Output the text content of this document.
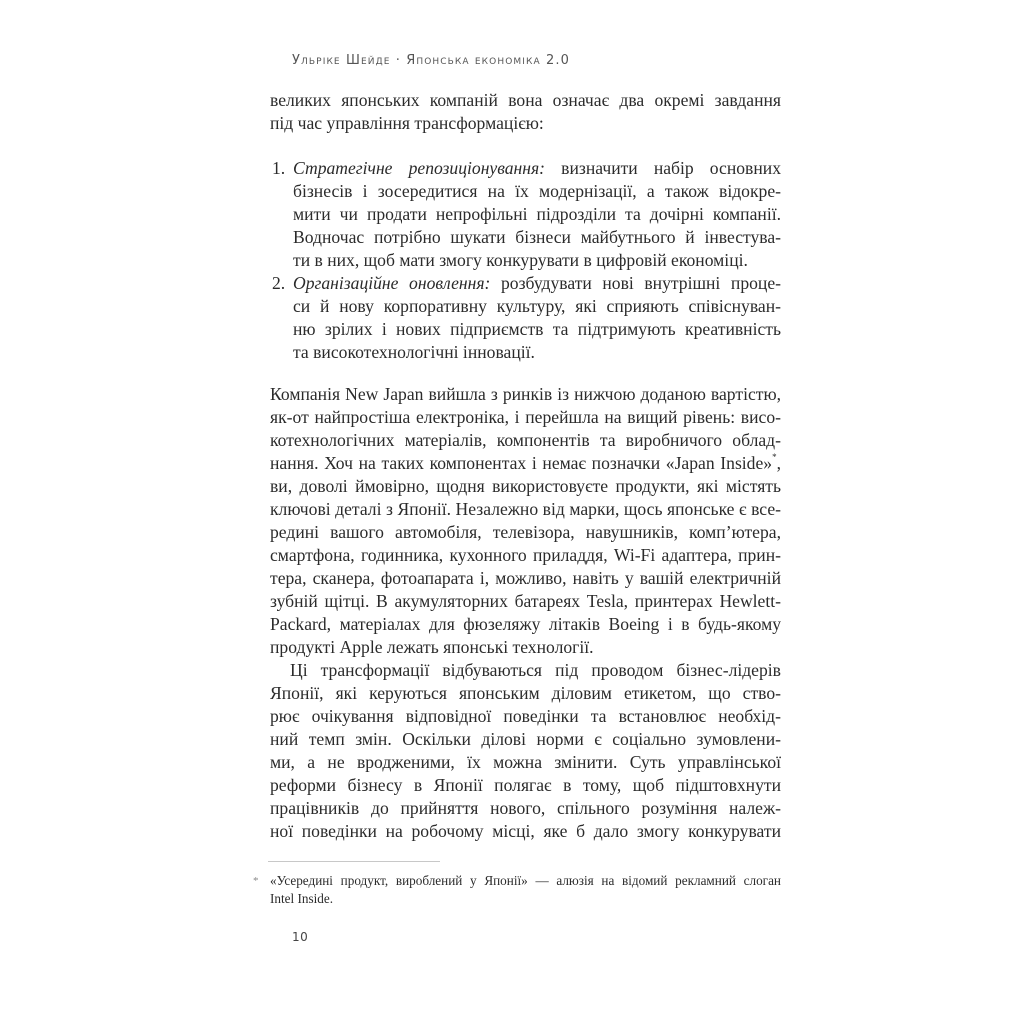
Ульріке Шейде · Японська економіка 2.0
великих японських компаній вона означає два окремі завдання
під час управління трансформацією:
1. Стратегічне репозиціонування: визначити набір основних
бізнесів і зосередитися на їх модернізації, а також відокре-
мити чи продати непрофільні підрозділи та дочірні компанії.
Водночас потрібно шукати бізнеси майбутнього й інвестува-
ти в них, щоб мати змогу конкурувати в цифровій економіці.
2. Організаційне оновлення: розбудувати нові внутрішні проце-
си й нову корпоративну культуру, які сприяють співіснуван-
ню зрілих і нових підприємств та підтримують креативність
та високотехнологічні інновації.
Компанія New Japan вийшла з ринків із нижчою доданою вартістю,
як-от найпростіша електроніка, і перейшла на вищий рівень: висо-
котехнологічних матеріалів, компонентів та виробничого облад-
нання. Хоч на таких компонентах і немає позначки «Japan Inside»*,
ви, доволі ймовірно, щодня використовуєте продукти, які містять
ключові деталі з Японії. Незалежно від марки, щось японське є все-
редині вашого автомобіля, телевізора, навушників, комп’ютера,
смартфона, годинника, кухонного приладдя, Wi-Fi адаптера, прин-
тера, сканера, фотоапарата і, можливо, навіть у вашій електричній
зубній щітці. В акумуляторних батареях Tesla, принтерах Hewlett-
Packard, матеріалах для фюзеляжу літаків Boeing і в будь-якому
продукті Apple лежать японські технології.
Ці трансформації відбуваються під проводом бізнес-лідерів
Японії, які керуються японським діловим етикетом, що ство-
рює очікування відповідної поведінки та встановлює необхід-
ний темп змін. Оскільки ділові норми є соціально зумовлени-
ми, а не вродженими, їх можна змінити. Суть управлінської
реформи бізнесу в Японії полягає в тому, щоб підштовхнути
працівників до прийняття нового, спільного розуміння належ-
ної поведінки на робочому місці, яке б дало змогу конкурувати
* «Усередині продукт, вироблений у Японії» — алюзія на відомий рекламний слоган
Intel Inside.
10
